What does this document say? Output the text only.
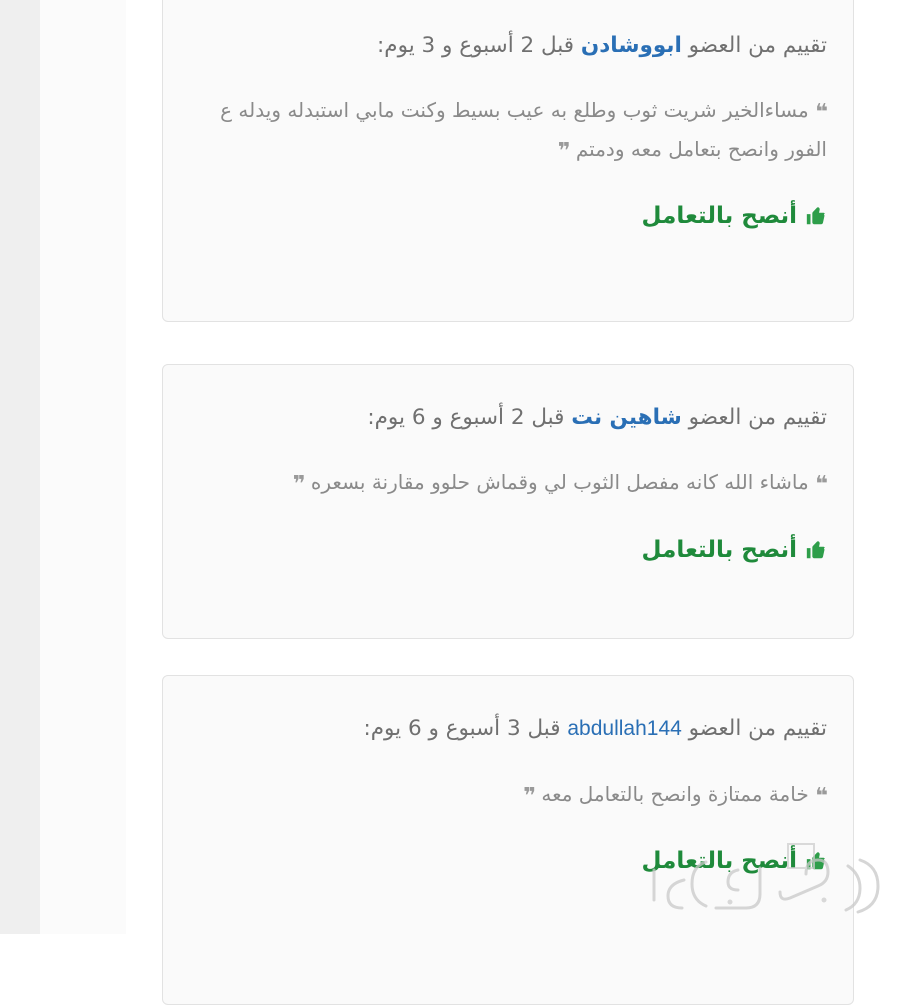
تقييم من العضو ابووشادن قبل 2 أسبوع و 3 يوم:
❝ مساءالخير شريت ثوب وطلع به عيب بسيط وكنت مابي استبدله ويدله ع الفور وانصح بتعامل معه ودمتم ❞
أنصح بالتعامل
تقييم من العضو شاهين نت قبل 2 أسبوع و 6 يوم:
❝ ماشاء الله كانه مفصل الثوب لي وقماش حلوو مقارنة بسعره ❞
أنصح بالتعامل
تقييم من العضو abdullah144 قبل 3 أسبوع و 6 يوم:
❝ خامة ممتازة وانصح بالتعامل معه ❞
أنصح بالتعامل
